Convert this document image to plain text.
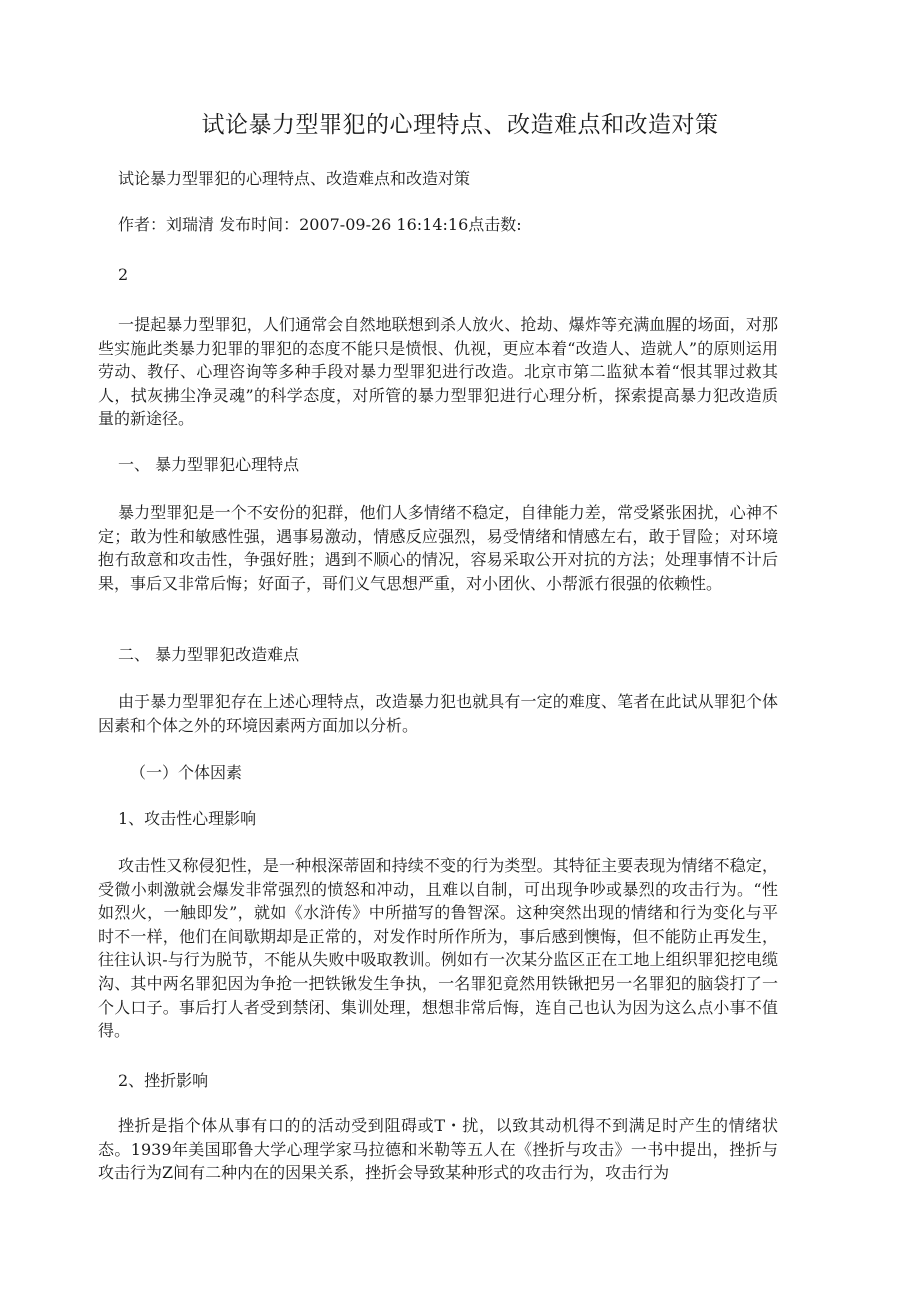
试论暴力型罪犯的心理特点、改造难点和改造对策

试论暴力型罪犯的心理特点、改造难点和改造对策

作者：刘瑞清 发布时间：2007-09-26 16:14:16点击数:

2

一提起暴力型罪犯，人们通常会自然地联想到杀人放火、抢劫、爆炸等充满血腥的场面，对那些实施此类暴力犯罪的罪犯的态度不能只是愤恨、仇视，更应本着“改造人、造就人”的原则运用劳动、教仔、心理咨询等多种手段对暴力型罪犯进行改造。北京市第二监狱本着“恨其罪过救其人，拭灰拂尘净灵魂”的科学态度，对所管的暴力型罪犯进行心理分析，探索提高暴力犯改造质量的新途径。

一、 暴力型罪犯心理特点

暴力型罪犯是一个不安份的犯群，他们人多情绪不稳定，自律能力差，常受紧张困扰，心神不定；敢为性和敏感性强，遇事易激动，情感反应强烈，易受情绪和情感左右，敢于冒险；对环境抱冇敌意和攻击性，争强好胜；遇到不顺心的情况，容易采取公开对抗的方法；处理事情不计后果，事后又非常后悔；好面子，哥们义气思想严重，对小团伙、小帮派冇很强的依赖性。

二、 暴力型罪犯改造难点

由于暴力型罪犯存在上述心理特点，改造暴力犯也就具有一定的难度、笔者在此试从罪犯个体因素和个体之外的环境因素两方面加以分析。

（一）个体因素

1、攻击性心理影响

攻击性又称侵犯性，是一种根深蒂固和持续不变的行为类型。其特征主要表现为情绪不稳定，受微小刺激就会爆发非常强烈的愤怒和冲动，且难以自制，可出现争吵或暴烈的攻击行为。“性如烈火，一触即发”，就如《水浒传》中所描写的鲁智深。这种突然出现的情绪和行为变化与平时不一样，他们在间歇期却是正常的，对发作时所作所为，事后感到懊悔，但不能防止再发生，往往认识-与行为脱节，不能从失败中吸取教训。例如冇一次某分监区正在工地上组织罪犯挖电缆沟、其中两名罪犯因为争抢一把铁锹发生争执，一名罪犯竟然用铁锹把另一名罪犯的脑袋打了一个人口子。事后打人者受到禁闭、集训处理，想想非常后悔，连自己也认为因为这么点小事不值得。

2、挫折影响

挫折是指个体从事有口的的活动受到阻碍或T・扰，以致其动机得不到满足时产生的情绪状态。1939年美国耶鲁大学心理学家马拉德和米勒等五人在《挫折与攻击》一书中提出，挫折与攻击行为Z间有二种内在的因果关系，挫折会导致某种形式的攻击行为，攻击行为
